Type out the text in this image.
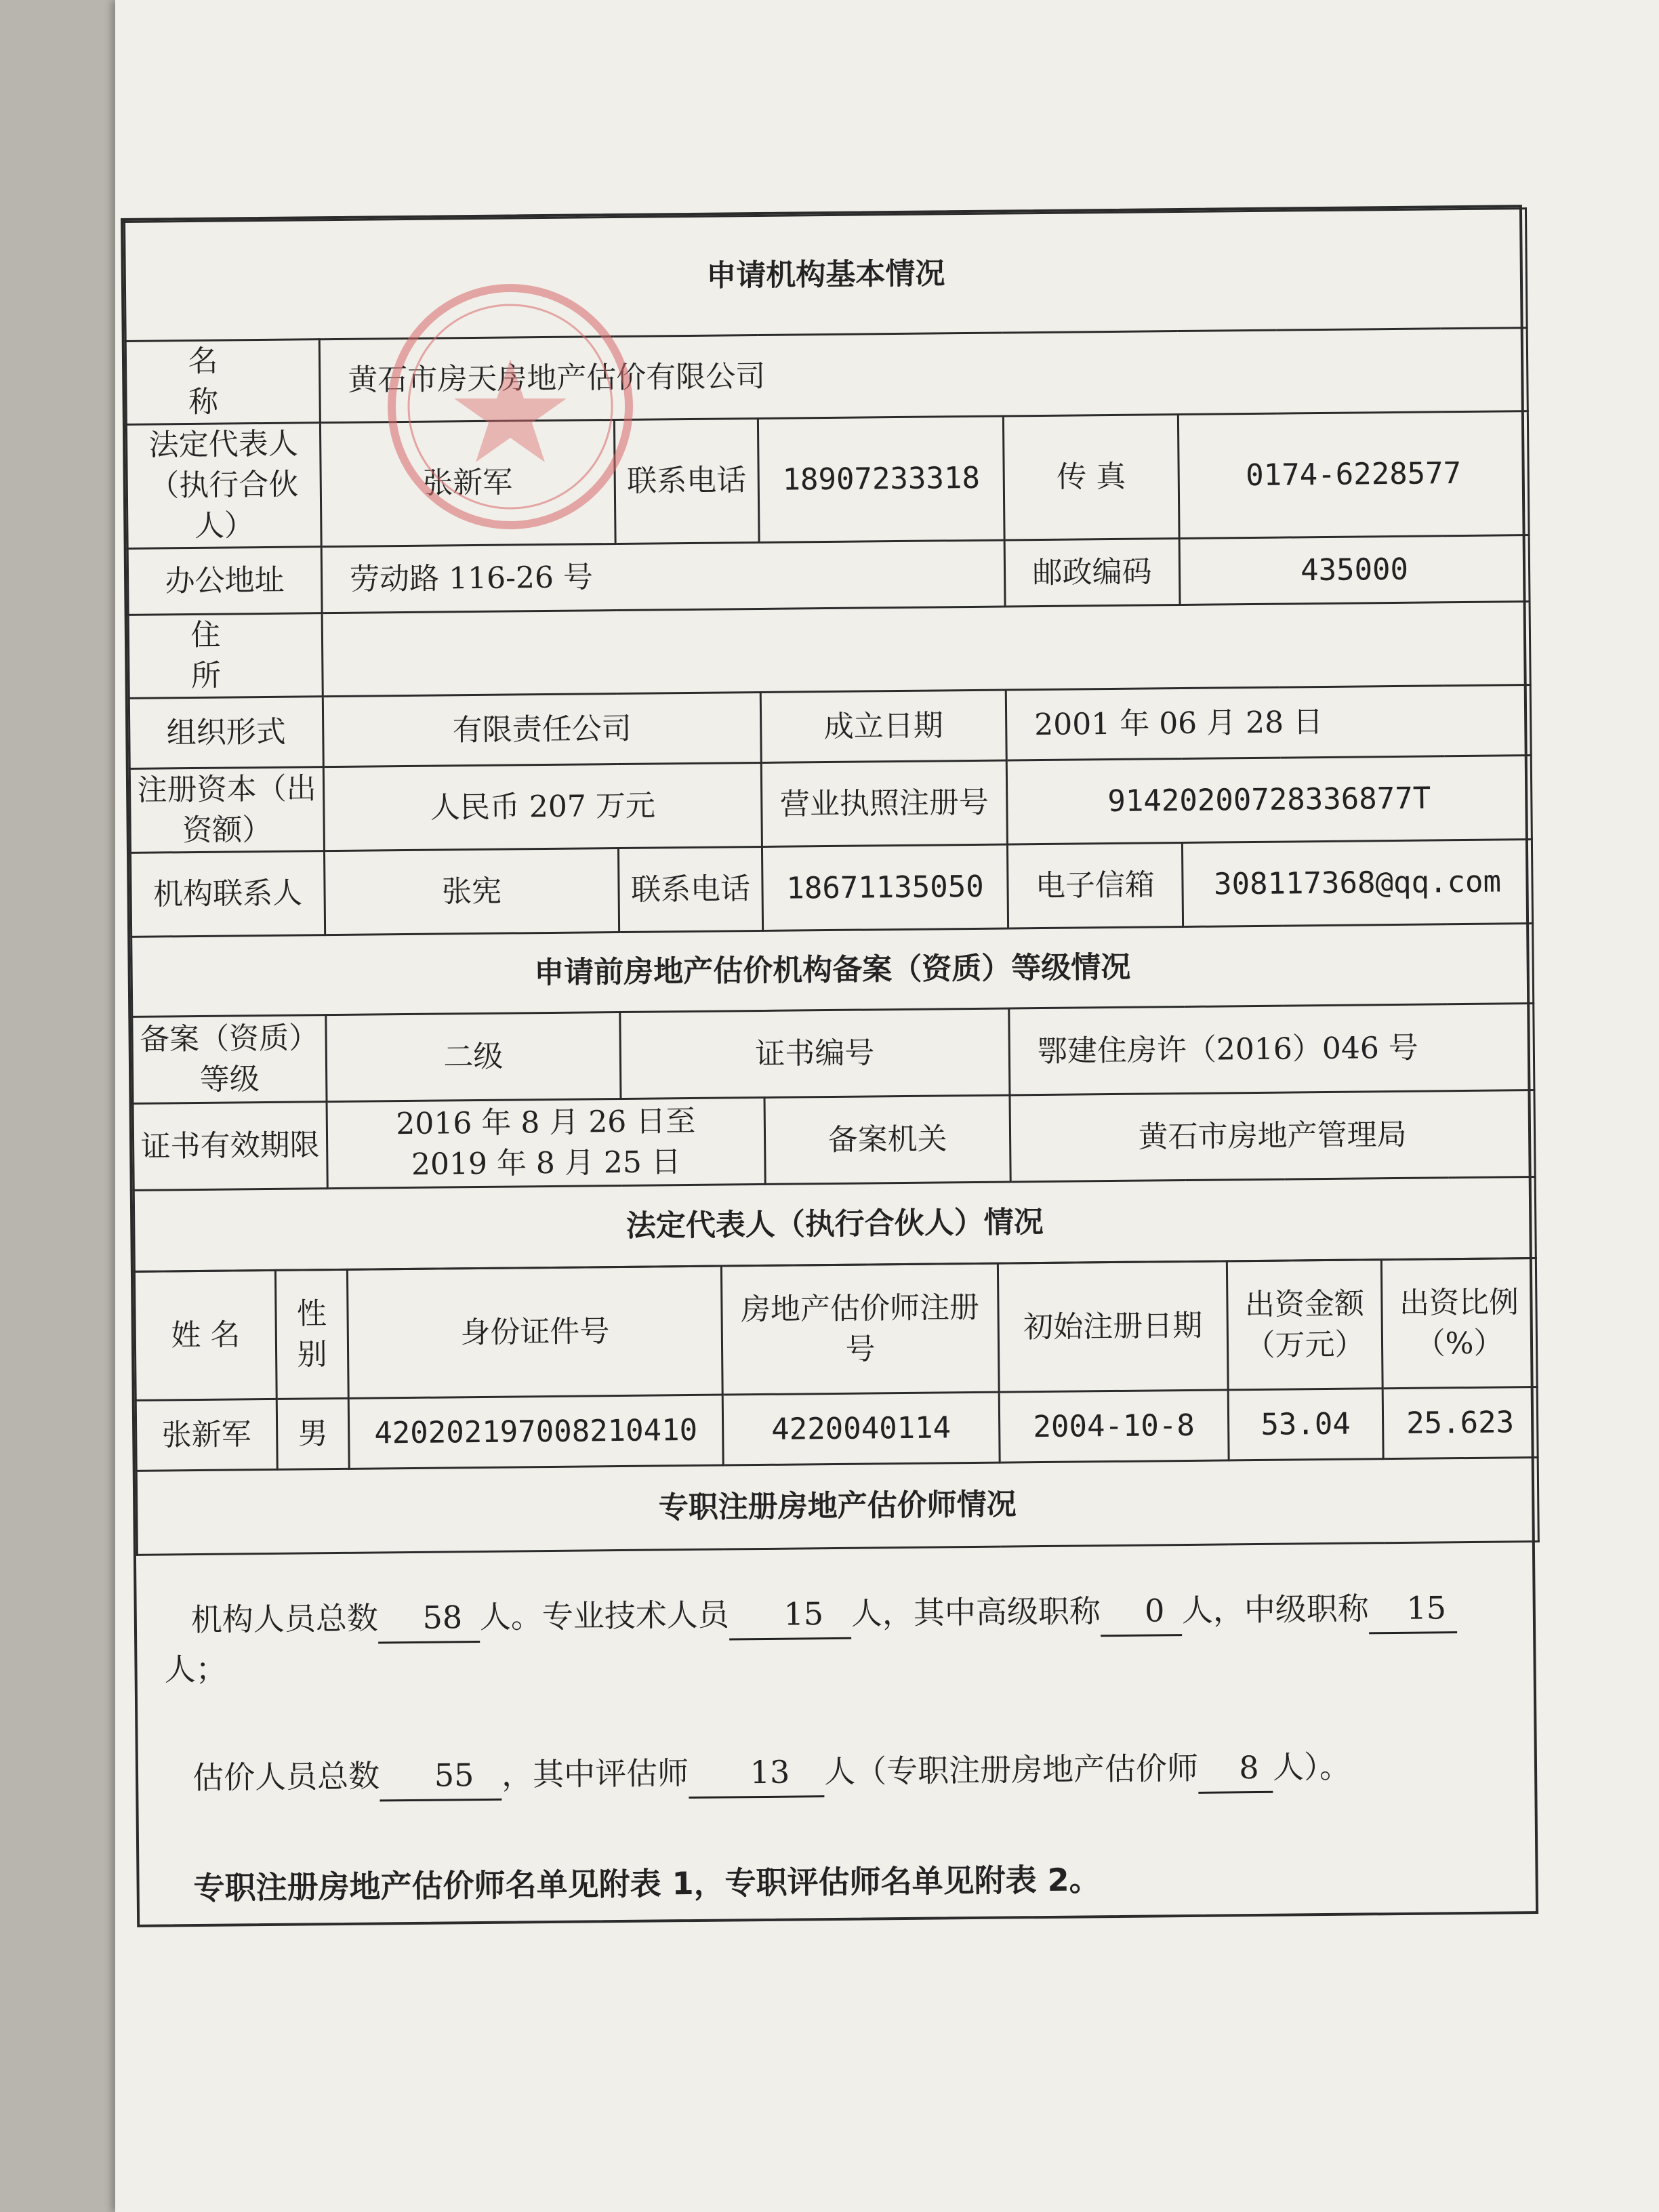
申请机构基本情况					
名 称	黄石市房天房地产估价有限公司				
法定代表人（执行合伙人）	张新军	联系电话	18907233318	传 真	0174-6228577
办公地址	劳动路 116-26 号			邮政编码	435000
住 所					
组织形式	有限责任公司		成立日期	2001 年 06 月 28 日	
注册资本（出资额）	人民币 207 万元		营业执照注册号	91420200728336877T	
机构联系人	张宪	联系电话	18671135050	电子信箱	308117368@qq.com
申请前房地产估价机构备案（资质）等级情况					
备案（资质）等级	二级	证书编号		鄂建住房许（2016）046 号	
证书有效期限	2016 年 8 月 26 日至
2019 年 8 月 25 日		备案机关	黄石市房地产管理局	
法定代表人（执行合伙人）情况					
姓 名	性别	身份证件号	房地产估价师注册号	初始注册日期	出资金额（万元）	出资比例（%）
张新军	男	420202197008210410	4220040114	2004-10-8	53.04	25.623
专职注册房地产估价师情况						

机构人员总数 58 人。专业技术人员 15 人，其中高级职称 0 人，中级职称 15人；

估价人员总数 55 ，其中评估师 13 人（专职注册房地产估价师 8 人）。

专职注册房地产估价师名单见附表 1，专职评估师名单见附表 2。
